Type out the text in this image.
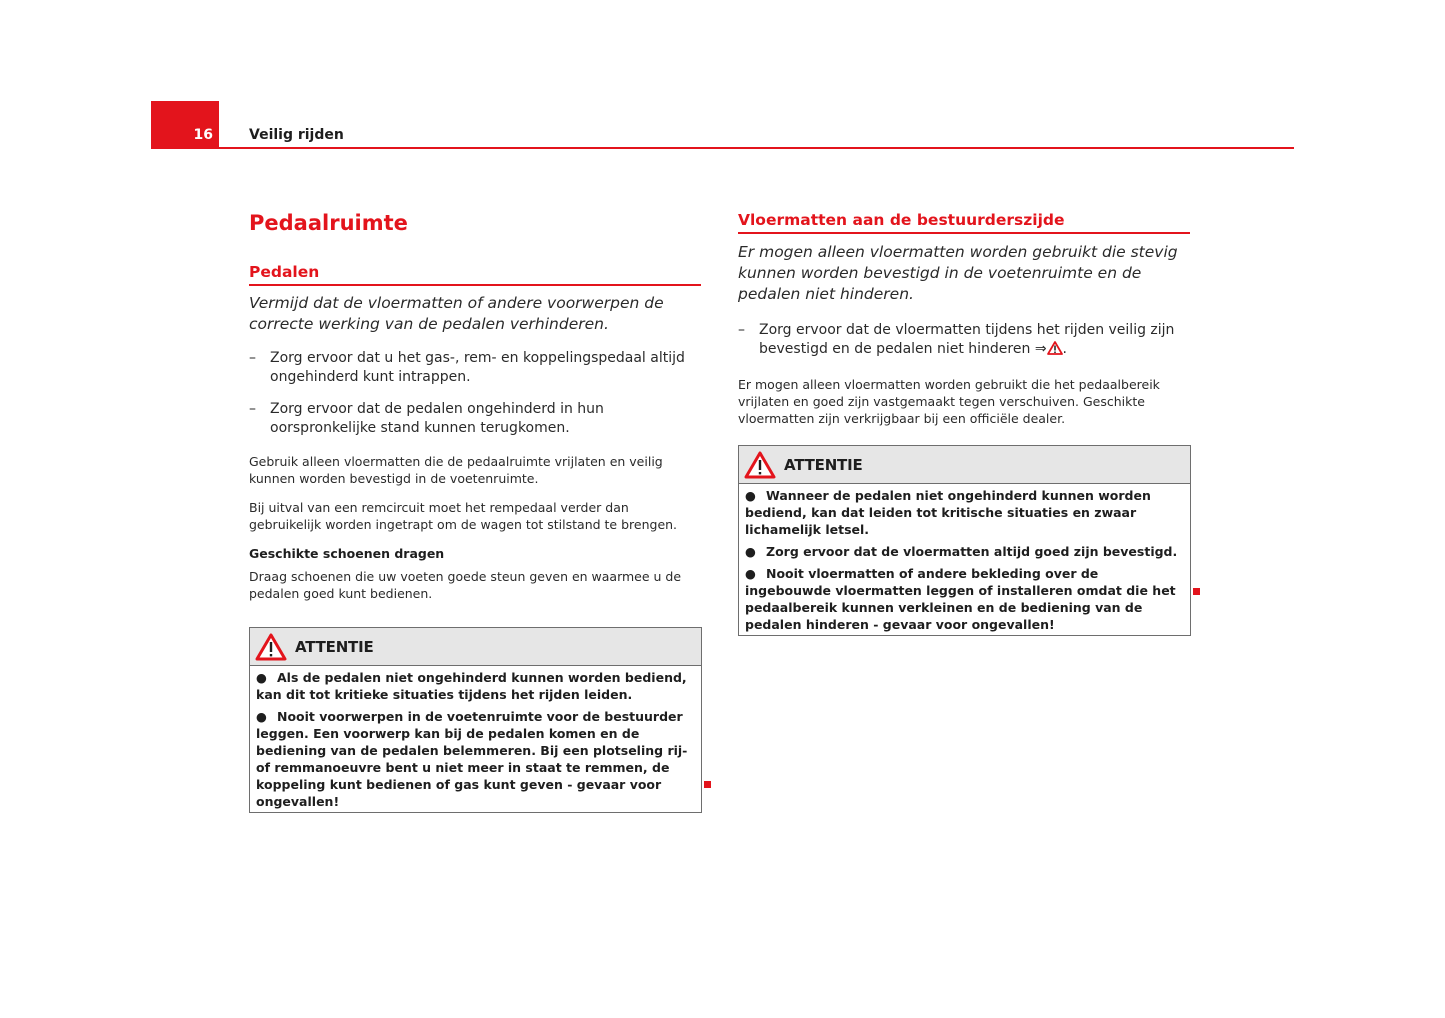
16	Veilig rijden
Pedaalruimte
Pedalen

Vermijd dat de vloermatten of andere voorwerpen de correcte werking van de pedalen verhinderen.

– Zorg ervoor dat u het gas-, rem- en koppelingspedaal altijd ongehinderd kunt intrappen.
– Zorg ervoor dat de pedalen ongehinderd in hun oorspronkelijke stand kunnen terugkomen.

Gebruik alleen vloermatten die de pedaalruimte vrijlaten en veilig kunnen worden bevestigd in de voetenruimte.

Bij uitval van een remcircuit moet het rempedaal verder dan gebruikelijk worden ingetrapt om de wagen tot stilstand te brengen.

Geschikte schoenen dragen

Draag schoenen die uw voeten goede steun geven en waarmee u de pedalen goed kunt bedienen.

ATTENTIE

● Als de pedalen niet ongehinderd kunnen worden bediend, kan dit tot kritieke situaties tijdens het rijden leiden.

● Nooit voorwerpen in de voetenruimte voor de bestuurder leggen. Een voorwerp kan bij de pedalen komen en de bediening van de pedalen belemmeren. Bij een plotseling rij- of remmanoeuvre bent u niet meer in staat te remmen, de koppeling kunt bedienen of gas kunt geven - gevaar voor ongevallen!

Vloermatten aan de bestuurderszijde

Er mogen alleen vloermatten worden gebruikt die stevig kunnen worden bevestigd in de voetenruimte en de pedalen niet hinderen.

– Zorg ervoor dat de vloermatten tijdens het rijden veilig zijn bevestigd en de pedalen niet hinderen ⇒ .

Er mogen alleen vloermatten worden gebruikt die het pedaalbereik vrijlaten en goed zijn vastgemaakt tegen verschuiven. Geschikte vloermatten zijn verkrijgbaar bij een officiële dealer.

ATTENTIE

● Wanneer de pedalen niet ongehinderd kunnen worden bediend, kan dat leiden tot kritische situaties en zwaar lichamelijk letsel.

● Zorg ervoor dat de vloermatten altijd goed zijn bevestigd.

● Nooit vloermatten of andere bekleding over de ingebouwde vloermatten leggen of installeren omdat die het pedaalbereik kunnen verkleinen en de bediening van de pedalen hinderen - gevaar voor ongevallen!
